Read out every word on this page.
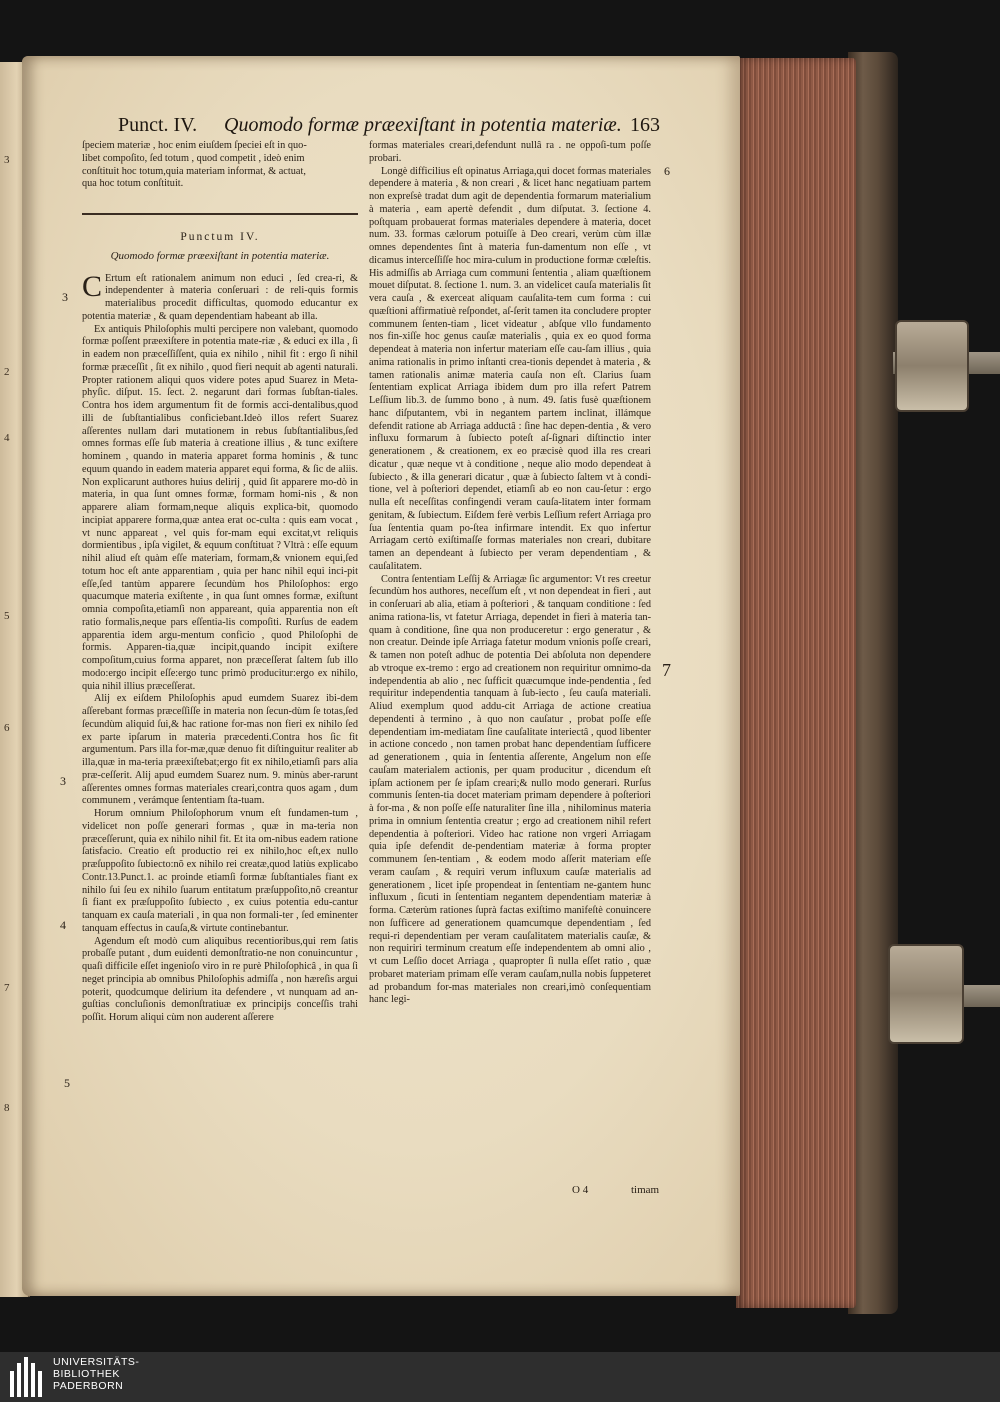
3
2
4
5
6
7
8
Punct. IV. Quomodo formæ præexiſtant in potentia materiæ. 163
3
3
4
5
6
7

ſpeciem materiæ , hoc enim eiuſdem ſpeciei eſt in quo-

libet compoſito, ſed totum , quod competit , ideò enim

conſtituit hoc totum,quia materiam informat, & actuat,

qua hoc totum conſtituit.

Punctum IV.
Quomodo formæ præexiſtant in potentia materiæ.

C Ertum eſt rationalem animum non educi , ſed crea-ri, & independenter à materia conſeruari : de reli-quis formis materialibus procedit difficultas, quomodo educantur ex potentia materiæ , & quam dependentiam habeant ab illa.

Ex antiquis Philoſophis multi percipere non valebant, quomodo formæ poſſent præexiſtere in potentia mate-riæ , & educi ex illa , ſi in eadem non præceſſiſſent, quia ex nihilo , nihil fit : ergo ſi nihil formæ præceſſit , ſit ex nihilo , quod fieri nequit ab agenti naturali. Propter rationem aliqui quos videre potes apud Suarez in Meta-phyſic. diſput. 15. ſect. 2. negarunt dari formas ſubſtan-tiales. Contra hos idem argumentum fit de formis acci-dentalibus,quod illi de ſubſtantialibus conficiebant.Ideò illos refert Suarez aſſerentes nullam dari mutationem in rebus ſubſtantialibus,ſed omnes formas eſſe ſub materia à creatione illius , & tunc exiſtere hominem , quando in materia apparet forma hominis , & tunc equum quando in eadem materia apparet equi forma, & ſic de aliis. Non explicarunt authores huius delirij , quid ſit apparere mo-dò in materia, in qua ſunt omnes formæ, formam homi-nis , & non apparere aliam formam,neque aliquis explica-bit, quomodo incipiat apparere forma,quæ antea erat oc-culta : quis eam vocat , vt nunc appareat , vel quis for-mam equi excitat,vt reliquis dormientibus , ipſa vigilet, & equum conſtituat ? Vltrà : eſſe equum nihil aliud eſt quàm eſſe materiam, formam,& vnionem equi,ſed totum hoc eſt ante apparentiam , quia per hanc nihil equi inci-pit eſſe,ſed tantùm apparere ſecundùm hos Philoſophos: ergo quacumque materia exiſtente , in qua ſunt omnes formæ, exiſtunt omnia compoſita,etiamſi non appareant, quia apparentia non eſt ratio formalis,neque pars eſſentia-lis compoſiti. Rurſus de eadem apparentia idem argu-mentum conficio , quod Philoſophi de formis. Apparen-tia,quæ incipit,quando incipit exiſtere compoſitum,cuius forma apparet, non præceſſerat ſaltem ſub illo modo:ergo incipit eſſe:ergo tunc primò producitur:ergo ex nihilo, quia nihil illius præceſſerat.

Alij ex eiſdem Philoſophis apud eumdem Suarez ibi-dem aſſerebant formas præceſſiſſe in materia non ſecun-dùm ſe totas,ſed ſecundùm aliquid ſui,& hac ratione for-mas non fieri ex nihilo ſed ex parte ipſarum in materia præcedenti.Contra hos ſic fit argumentum. Pars illa for-mæ,quæ denuo fit diſtinguitur realiter ab illa,quæ in ma-teria præexiſtebat;ergo fit ex nihilo,etiamſi pars alia præ-ceſſerit. Alij apud eumdem Suarez num. 9. minùs aber-rarunt aſſerentes omnes formas materiales creari,contra quos agam , dum communem , verámque ſententiam ſta-tuam.

Horum omnium Philoſophorum vnum eſt fundamen-tum , videlicet non poſſe generari formas , quæ in ma-teria non præceſſerunt, quia ex nihilo nihil fit. Et ita om-nibus eadem ratione ſatisfacio. Creatio eſt productio rei ex nihilo,hoc eſt,ex nullo præſuppoſito ſubiecto:nõ ex nihilo rei creatæ,quod latiùs explicabo Contr.13.Punct.1. ac proinde etiamſi formæ ſubſtantiales fiant ex nihilo ſui ſeu ex nihilo ſuarum entitatum præſuppoſito,nõ creantur ſi fiant ex præſuppoſito ſubiecto , ex cuius potentia edu-cantur tanquam ex cauſa materiali , in qua non formali-ter , ſed eminenter tanquam effectus in cauſa,& virtute continebantur.

Agendum eſt modò cum aliquibus recentioribus,qui rem ſatis probaſſe putant , dum euidenti demonſtratio-ne non conuincuntur , quaſi difficile eſſet ingenioſo viro in re purè Philoſophicâ , in qua ſi neget principia ab omnibus Philoſophis admiſſa , non hæreſis argui poterit, quodcumque delirium ita defendere , vt nunquam ad an-guſtias concluſionis demonſtratiuæ ex principijs conceſſis trahi poſſit. Horum aliqui cùm non auderent aſſerere

formas materiales creari,defendunt nullâ ra . ne oppoſi-tum poſſe probari.

Longè difficilius eſt opinatus Arriaga,qui docet formas materiales dependere à materia , & non creari , & licet hanc negatiuam partem non expreſsè tradat dum agit de dependentia formarum materialium à materia , eam apertè defendit , dum diſputat. 3. ſectione 4. poſtquam probauerat formas materiales dependere à materia, docet num. 33. formas cælorum potuiſſe à Deo creari, verùm cùm illæ omnes dependentes ſint à materia fun-damentum non eſſe , vt dicamus interceſſiſſe hoc mira-culum in productione formæ cœleſtis. His admiſſis ab Arriaga cum communi ſententia , aliam quæſtionem mouet diſputat. 8. ſectione 1. num. 3. an videlicet cauſa materialis ſit vera cauſa , & exerceat aliquam cauſalita-tem cum forma : cui quæſtioni affirmatiuè reſpondet, aſ-ſerit tamen ita concludere propter communem ſenten-tiam , licet videatur , abſque vllo fundamento nos fin-xiſſe hoc genus cauſæ materialis , quia ex eo quod forma dependeat à materia non infertur materiam eſſe cau-ſam illius , quia anima rationalis in primo inſtanti crea-tionis dependet à materia , & tamen rationalis animæ materia cauſa non eſt. Clarius ſuam ſententiam explicat Arriaga ibidem dum pro illa refert Patrem Leſſium lib.3. de ſummo bono , à num. 49. ſatis fusè quæſtionem hanc diſputantem, vbi in negantem partem inclinat, illámque defendit ratione ab Arriaga adductâ : ſine hac depen-dentia , & vero influxu formarum à ſubiecto poteſt aſ-ſignari diſtinctio inter generationem , & creationem, ex eo præcisè quod illa res creari dicatur , quæ neque vt à conditione , neque alio modo dependeat à ſubiecto , & illa generari dicatur , quæ à ſubiecto ſaltem vt à condi-tione, vel à poſteriori dependet, etiamſi ab eo non cau-ſetur : ergo nulla eſt neceſſitas confingendi veram cauſa-litatem inter formam genitam, & ſubiectum. Eiſdem ferè verbis Leſſium refert Arriaga pro ſua ſententia quam po-ſtea infirmare intendit. Ex quo infertur Arriagam certò exiſtimaſſe formas materiales non creari, dubitare tamen an dependeant à ſubiecto per veram dependentiam , & cauſalitatem.

Contra ſententiam Leſſij & Arriagæ ſic argumentor: Vt res creetur ſecundùm hos authores, neceſſum eſt , vt non dependeat in fieri , aut in conſeruari ab alia, etiam à poſteriori , & tanquam conditione : ſed anima rationa-lis, vt fatetur Arriaga, dependet in fieri à materia tan-quam à conditione, ſine qua non produceretur : ergo generatur , & non creatur. Deinde ipſe Arriaga fatetur modum vnionis poſſe creari, & tamen non poteſt adhuc de potentia Dei abſoluta non dependere ab vtroque ex-tremo : ergo ad creationem non requiritur omnimo-da independentia ab alio , nec ſufficit quæcumque inde-pendentia , ſed requiritur independentia tanquam à ſub-iecto , ſeu cauſa materiali. Aliud exemplum quod addu-cit Arriaga de actione creatiua dependenti à termino , à quo non cauſatur , probat poſſe eſſe dependentiam im-mediatam ſine cauſalitate interiectâ , quod libenter in actione concedo , non tamen probat hanc dependentiam ſufficere ad generationem , quia in ſententia aſſerente, Angelum non eſſe cauſam materialem actionis, per quam producitur , dicendum eſt ipſam actionem per ſe ipſam creari;& nullo modo generari. Rurſus communis ſenten-tia docet materiam primam dependere à poſteriori à for-ma , & non poſſe eſſe naturaliter ſine illa , nihilominus materia prima in omnium ſententia creatur ; ergo ad creationem nihil refert dependentia à poſteriori. Video hac ratione non vrgeri Arriagam quia ipſe defendit de-pendentiam materiæ à forma propter communem ſen-tentiam , & eodem modo aſſerit materiam eſſe veram cauſam , & requiri verum influxum cauſæ materialis ad generationem , licet ipſe propendeat in ſententiam ne-gantem hunc influxum , ſicuti in ſententiam negantem dependentiam materiæ à forma. Cæterùm rationes ſuprà factas exiſtimo manifeſtè conuincere non ſufficere ad generationem quamcumque dependentiam , ſed requi-ri dependentiam per veram cauſalitatem materialis cauſæ, & non requiriri terminum creatum eſſe independentem ab omni alio , vt cum Leſſio docet Arriaga , quapropter ſi nulla eſſet ratio , quæ probaret materiam primam eſſe veram cauſam,nulla nobis ſuppeteret ad probandum for-mas materiales non creari,imò conſequentiam hanc legi-

O 4	timam
UNIVERSITÄTS-
BIBLIOTHEK
PADERBORN
